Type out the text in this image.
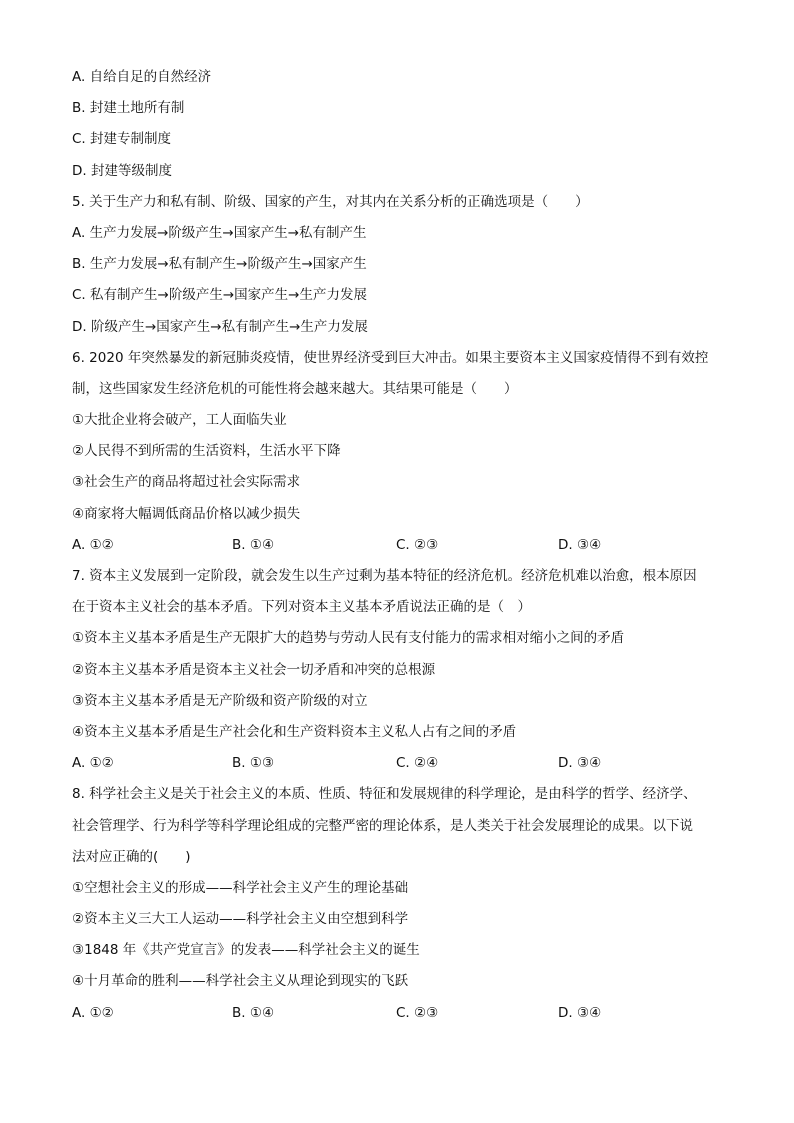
A. 自给自足的自然经济
B. 封建土地所有制
C. 封建专制制度
D. 封建等级制度
5. 关于生产力和私有制、阶级、国家的产生，对其内在关系分析的正确选项是（　　）
A. 生产力发展→阶级产生→国家产生→私有制产生
B. 生产力发展→私有制产生→阶级产生→国家产生
C. 私有制产生→阶级产生→国家产生→生产力发展
D. 阶级产生→国家产生→私有制产生→生产力发展
6. 2020 年突然暴发的新冠肺炎疫情，使世界经济受到巨大冲击。如果主要资本主义国家疫情得不到有效控
制，这些国家发生经济危机的可能性将会越来越大。其结果可能是（　　）
①大批企业将会破产，工人面临失业
②人民得不到所需的生活资料，生活水平下降
③社会生产的商品将超过社会实际需求
④商家将大幅调低商品价格以减少损失
A. ①②	B. ①④	C. ②③	D. ③④
7. 资本主义发展到一定阶段，就会发生以生产过剩为基本特征的经济危机。经济危机难以治愈，根本原因
在于资本主义社会的基本矛盾。下列对资本主义基本矛盾说法正确的是（　）
①资本主义基本矛盾是生产无限扩大的趋势与劳动人民有支付能力的需求相对缩小之间的矛盾
②资本主义基本矛盾是资本主义社会一切矛盾和冲突的总根源
③资本主义基本矛盾是无产阶级和资产阶级的对立
④资本主义基本矛盾是生产社会化和生产资料资本主义私人占有之间的矛盾
A. ①②	B. ①③	C. ②④	D. ③④
8. 科学社会主义是关于社会主义的本质、性质、特征和发展规律的科学理论，是由科学的哲学、经济学、
社会管理学、行为科学等科学理论组成的完整严密的理论体系，是人类关于社会发展理论的成果。以下说
法对应正确的(　　)
①空想社会主义的形成——科学社会主义产生的理论基础
②资本主义三大工人运动——科学社会主义由空想到科学
③1848 年《共产党宣言》的发表——科学社会主义的诞生
④十月革命的胜利——科学社会主义从理论到现实的飞跃
A. ①②	B. ①④	C. ②③	D. ③④
